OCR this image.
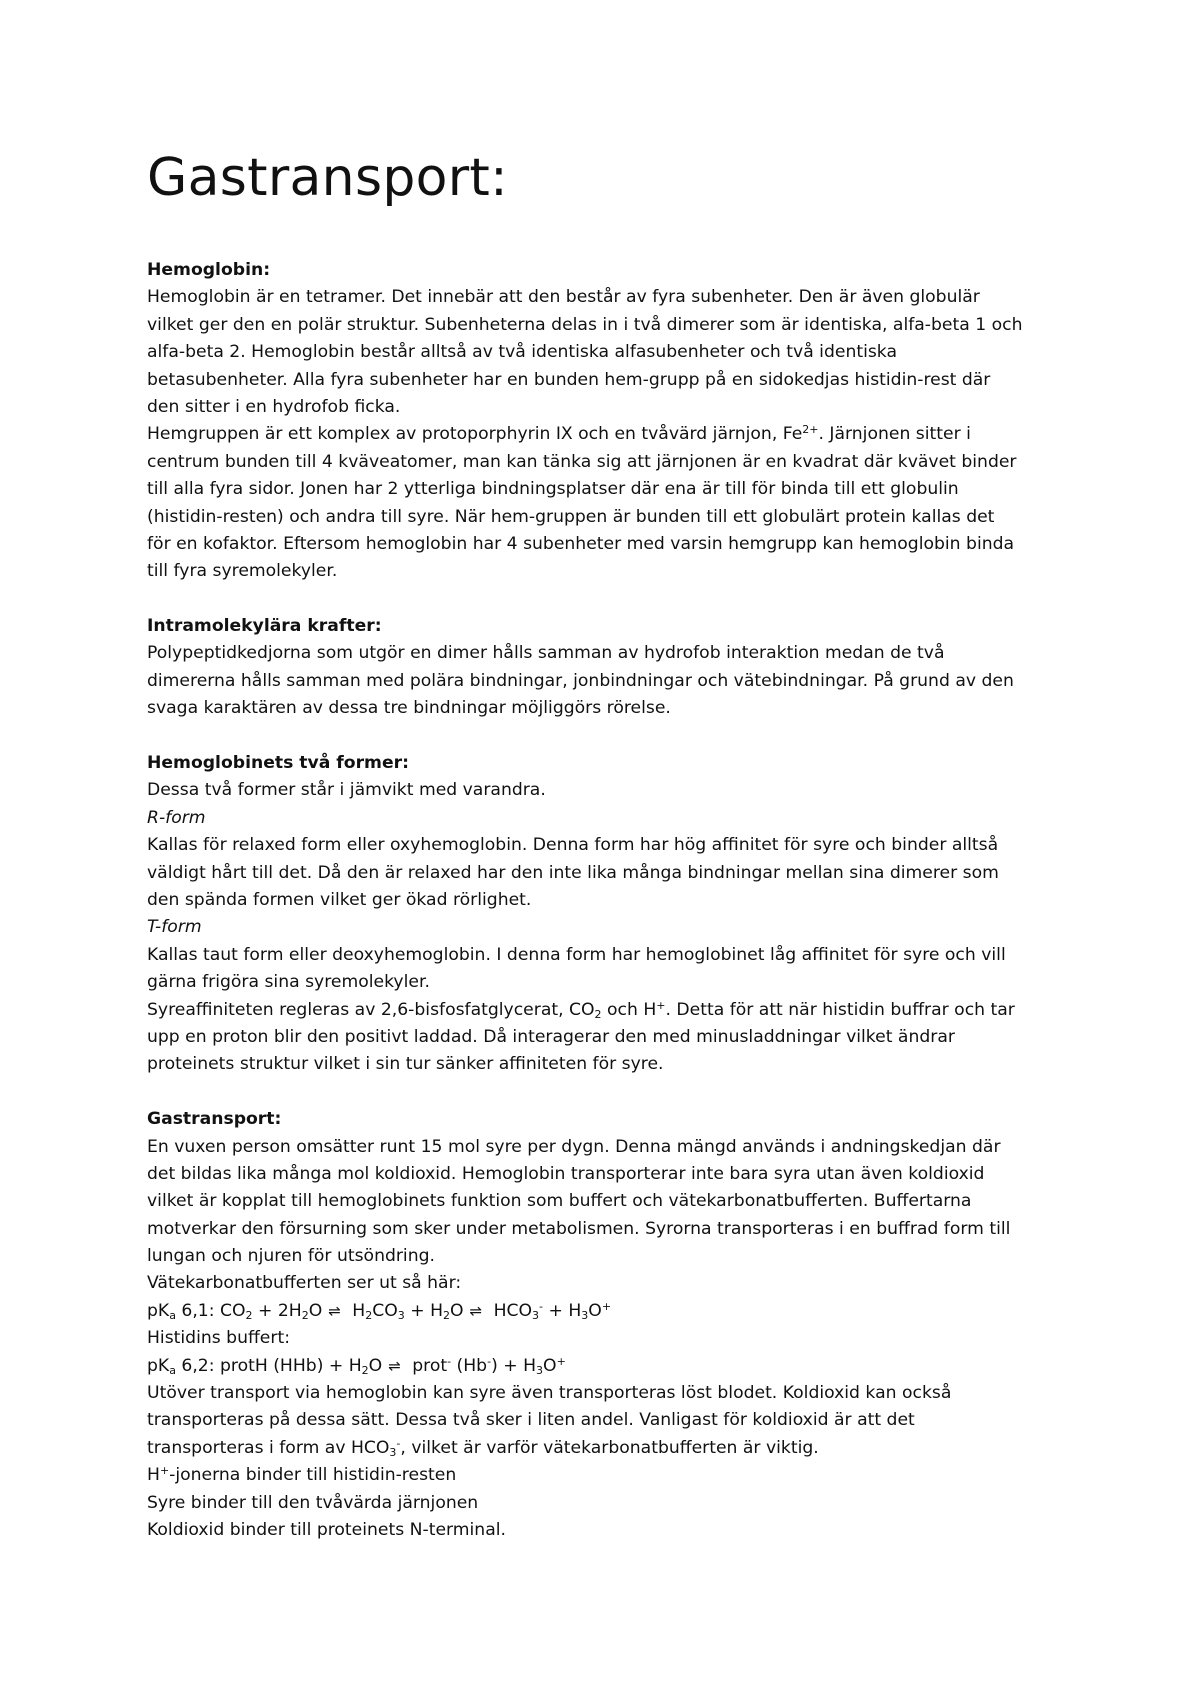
Gastransport:
Hemoglobin:
Hemoglobin är en tetramer. Det innebär att den består av fyra subenheter. Den är även globulär
vilket ger den en polär struktur. Subenheterna delas in i två dimerer som är identiska, alfa-beta 1 och
alfa-beta 2. Hemoglobin består alltså av två identiska alfasubenheter och två identiska
betasubenheter. Alla fyra subenheter har en bunden hem-grupp på en sidokedjas histidin-rest där
den sitter i en hydrofob ficka.
Hemgruppen är ett komplex av protoporphyrin IX och en tvåvärd järnjon, $Fe^{2+}$. Järnjonen sitter i
centrum bunden till 4 kväveatomer, man kan tänka sig att järnjonen är en kvadrat där kvävet binder
till alla fyra sidor. Jonen har 2 ytterliga bindningsplatser där ena är till för binda till ett globulin
(histidin-resten) och andra till syre. När hem-gruppen är bunden till ett globulärt protein kallas det
för en kofaktor. Eftersom hemoglobin har 4 subenheter med varsin hemgrupp kan hemoglobin binda
till fyra syremolekyler.
Intramolekylära krafter:
Polypeptidkedjorna som utgör en dimer hålls samman av hydrofob interaktion medan de två
dimererna hålls samman med polära bindningar, jonbindningar och vätebindningar. På grund av den
svaga karaktären av dessa tre bindningar möjliggörs rörelse.
Hemoglobinets två former:
Dessa två former står i jämvikt med varandra.
R-form
Kallas för relaxed form eller oxyhemoglobin. Denna form har hög affinitet för syre och binder alltså
väldigt hårt till det. Då den är relaxed har den inte lika många bindningar mellan sina dimerer som
den spända formen vilket ger ökad rörlighet.
T-form
Kallas taut form eller deoxyhemoglobin. I denna form har hemoglobinet låg affinitet för syre och vill
gärna frigöra sina syremolekyler.
Syreaffiniteten regleras av 2,6-bisfosfatglycerat, $CO_2$ och H+. Detta för att när histidin buffrar och tar
upp en proton blir den positivt laddad. Då interagerar den med minusladdningar vilket ändrar
proteinets struktur vilket i sin tur sänker affiniteten för syre.
Gastransport:
En vuxen person omsätter runt 15 mol syre per dygn. Denna mängd används i andningskedjan där
det bildas lika många mol koldioxid. Hemoglobin transporterar inte bara syra utan även koldioxid
vilket är kopplat till hemoglobinets funktion som buffert och vätekarbonatbufferten. Buffertarna
motverkar den försurning som sker under metabolismen. Syrorna transporteras i en buffrad form till
lungan och njuren för utsöndring.
Vätekarbonatbufferten ser ut så här:
$pK_a$ 6,1: $CO_2 + 2H_2O$ ⇌ $H_2CO_3 + H_2O$ ⇌ $HCO_3^- + H_3O^+$
Histidins buffert:
$pK_a$ 6,2: protH $(HHb) + H_2O$ ⇌ prot- $(Hb^-) + H_3O^+$
Utöver transport via hemoglobin kan syre även transporteras löst blodet. Koldioxid kan också
transporteras på dessa sätt. Dessa två sker i liten andel. Vanligast för koldioxid är att det
transporteras i form av $HCO_3^-$, vilket är varför vätekarbonatbufferten är viktig.
H+-jonerna binder till histidin-resten
Syre binder till den tvåvärda järnjonen
Koldioxid binder till proteinets N-terminal.
